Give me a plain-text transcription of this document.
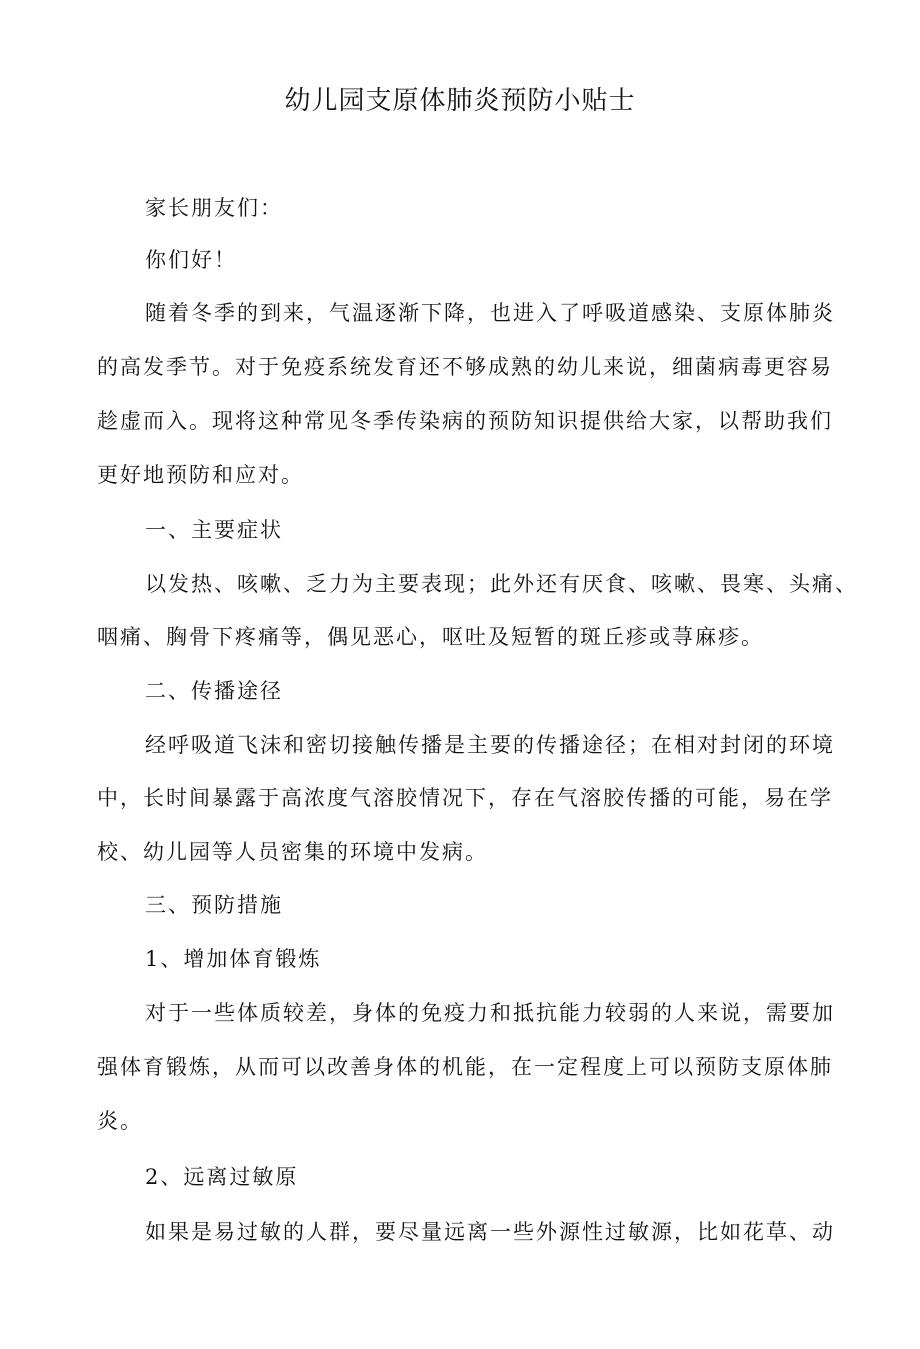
幼儿园支原体肺炎预防小贴士

家长朋友们：

你们好！

随着冬季的到来，气温逐渐下降，也进入了呼吸道感染、支原体肺炎

的高发季节。对于免疫系统发育还不够成熟的幼儿来说，细菌病毒更容易

趁虚而入。现将这种常见冬季传染病的预防知识提供给大家，以帮助我们

更好地预防和应对。

一、主要症状

以发热、咳嗽、乏力为主要表现；此外还有厌食、咳嗽、畏寒、头痛、

咽痛、胸骨下疼痛等，偶见恶心，呕吐及短暂的斑丘疹或荨麻疹。

二、传播途径

经呼吸道飞沫和密切接触传播是主要的传播途径；在相对封闭的环境

中，长时间暴露于高浓度气溶胶情况下，存在气溶胶传播的可能，易在学

校、幼儿园等人员密集的环境中发病。

三、预防措施

1、增加体育锻炼

对于一些体质较差，身体的免疫力和抵抗能力较弱的人来说，需要加

强体育锻炼，从而可以改善身体的机能，在一定程度上可以预防支原体肺

炎。

2、远离过敏原

如果是易过敏的人群，要尽量远离一些外源性过敏源，比如花草、动
